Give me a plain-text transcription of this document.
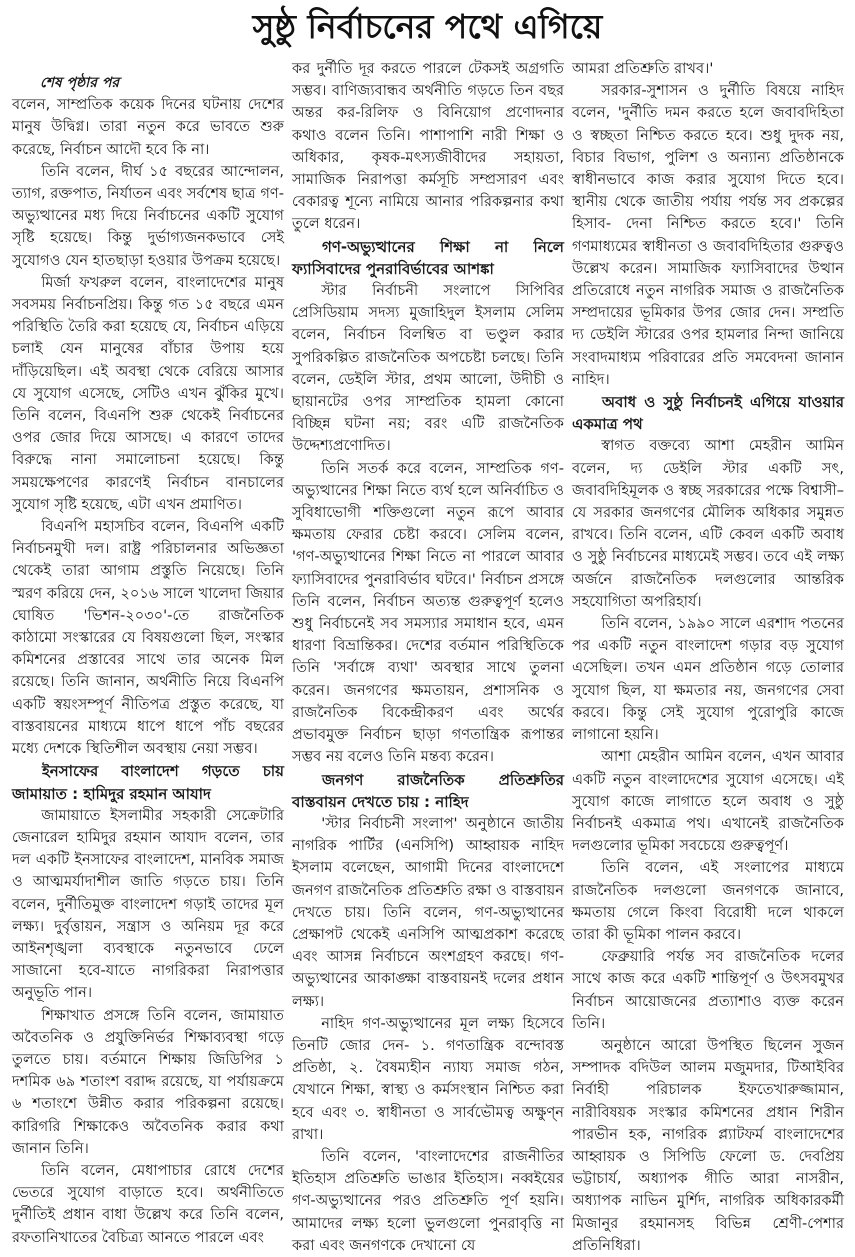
সুষ্ঠু নির্বাচনের পথে এগিয়ে

শেষ পৃষ্ঠার পর

বলেন, সাম্প্রতিক কয়েক দিনের ঘটনায় দেশের মানুষ উদ্বিগ্ন। তারা নতুন করে ভাবতে শুরু করেছে, নির্বাচন আদৌ হবে কি না।

তিনি বলেন, দীর্ঘ ১৫ বছরের আন্দোলন, ত্যাগ, রক্তপাত, নির্যাতন এবং সর্বশেষ ছাত্র গণ-অভ্যুত্থানের মধ্য দিয়ে নির্বাচনের একটি সুযোগ সৃষ্টি হয়েছে। কিন্তু দুর্ভাগ্যজনকভাবে সেই সুযোগও যেন হাতছাড়া হওয়ার উপক্রম হয়েছে।

মির্জা ফখরুল বলেন, বাংলাদেশের মানুষ সবসময় নির্বাচনপ্রিয়। কিন্তু গত ১৫ বছরে এমন পরিস্থিতি তৈরি করা হয়েছে যে, নির্বাচন এড়িয়ে চলাই যেন মানুষের বাঁচার উপায় হয়ে দাঁড়িয়েছিল। এই অবস্থা থেকে বেরিয়ে আসার যে সুযোগ এসেছে, সেটিও এখন ঝুঁকির মুখে। তিনি বলেন, বিএনপি শুরু থেকেই নির্বাচনের ওপর জোর দিয়ে আসছে। এ কারণে তাদের বিরুদ্ধে নানা সমালোচনা হয়েছে। কিন্তু সময়ক্ষেপণের কারণেই নির্বাচন বানচালের সুযোগ সৃষ্টি হয়েছে, এটা এখন প্রমাণিত।

বিএনপি মহাসচিব বলেন, বিএনপি একটি নির্বাচনমুখী দল। রাষ্ট্র পরিচালনার অভিজ্ঞতা থেকেই তারা আগাম প্রস্তুতি নিয়েছে। তিনি স্মরণ করিয়ে দেন, ২০১৬ সালে খালেদা জিয়ার ঘোষিত 'ভিশন-২০৩০'-তে রাজনৈতিক কাঠামো সংস্কারের যে বিষয়গুলো ছিল, সংস্কার কমিশনের প্রস্তাবের সাথে তার অনেক মিল রয়েছে। তিনি জানান, অর্থনীতি নিয়ে বিএনপি একটি স্বয়ংসম্পূর্ণ নীতিপত্র প্রস্তুত করেছে, যা বাস্তবায়নের মাধ্যমে ধাপে ধাপে পাঁচ বছরের মধ্যে দেশকে স্থিতিশীল অবস্থায় নেয়া সম্ভব।

ইনসাফের বাংলাদেশ গড়তে চায় জামায়াত : হামিদুর রহমান আযাদ

জামায়াতে ইসলামীর সহকারী সেক্রেটারি জেনারেল হামিদুর রহমান আযাদ বলেন, তার দল একটি ইনসাফের বাংলাদেশ, মানবিক সমাজ ও আত্মমর্যাদাশীল জাতি গড়তে চায়। তিনি বলেন, দুর্নীতিমুক্ত বাংলাদেশ গড়াই তাদের মূল লক্ষ্য। দুর্বৃত্তায়ন, সন্ত্রাস ও অনিয়ম দূর করে আইনশৃঙ্খলা ব্যবস্থাকে নতুনভাবে ঢেলে সাজানো হবে-যাতে নাগরিকরা নিরাপত্তার অনুভূতি পান।

শিক্ষাখাত প্রসঙ্গে তিনি বলেন, জামায়াত অবৈতনিক ও প্রযুক্তিনির্ভর শিক্ষাব্যবস্থা গড়ে তুলতে চায়। বর্তমানে শিক্ষায় জিডিপির ১ দশমিক ৬৯ শতাংশ বরাদ্দ রয়েছে, যা পর্যায়ক্রমে ৬ শতাংশে উন্নীত করার পরিকল্পনা রয়েছে। কারিগরি শিক্ষাকেও অবৈতনিক করার কথা জানান তিনি।

তিনি বলেন, মেধাপাচার রোধে দেশের ভেতরে সুযোগ বাড়াতে হবে। অর্থনীতিতে দুর্নীতিই প্রধান বাধা উল্লেখ করে তিনি বলেন, রফতানিখাতের বৈচিত্র্য আনতে পারলে এবং

কর দুর্নীতি দূর করতে পারলে টেকসই অগ্রগতি সম্ভব। বাণিজ্যবান্ধব অর্থনীতি গড়তে তিন বছর অন্তর কর-রিলিফ ও বিনিয়োগ প্রণোদনার কথাও বলেন তিনি। পাশাপাশি নারী শিক্ষা ও অধিকার, কৃষক-মৎস্যজীবীদের সহায়তা, সামাজিক নিরাপত্তা কর্মসূচি সম্প্রসারণ এবং বেকারত্ব শূন্যে নামিয়ে আনার পরিকল্পনার কথা তুলে ধরেন।

গণ-অভ্যুত্থানের শিক্ষা না নিলে ফ্যাসিবাদের পুনরাবির্ভাবের আশঙ্কা

স্টার নির্বাচনী সংলাপে সিপিবির প্রেসিডিয়াম সদস্য মুজাহিদুল ইসলাম সেলিম বলেন, নির্বাচন বিলম্বিত বা ভণ্ডুল করার সুপরিকল্পিত রাজনৈতিক অপচেষ্টা চলছে। তিনি বলেন, ডেইলি স্টার, প্রথম আলো, উদীচী ও ছায়ানটের ওপর সাম্প্রতিক হামলা কোনো বিচ্ছিন্ন ঘটনা নয়; বরং এটি রাজনৈতিক উদ্দেশ্যপ্রণোদিত।

তিনি সতর্ক করে বলেন, সাম্প্রতিক গণ-অভ্যুত্থানের শিক্ষা নিতে ব্যর্থ হলে অনির্বাচিত ও সুবিধাভোগী শক্তিগুলো নতুন রূপে আবার ক্ষমতায় ফেরার চেষ্টা করবে। সেলিম বলেন, 'গণ-অভ্যুত্থানের শিক্ষা নিতে না পারলে আবার ফ্যাসিবাদের পুনরাবির্ভাব ঘটবে।' নির্বাচন প্রসঙ্গে তিনি বলেন, নির্বাচন অত্যন্ত গুরুত্বপূর্ণ হলেও শুধু নির্বাচনেই সব সমস্যার সমাধান হবে, এমন ধারণা বিভ্রান্তিকর। দেশের বর্তমান পরিস্থিতিকে তিনি 'সর্বাঙ্গে ব্যথা' অবস্থার সাথে তুলনা করেন। জনগণের ক্ষমতায়ন, প্রশাসনিক ও রাজনৈতিক বিকেন্দ্রীকরণ এবং অর্থের প্রভাবমুক্ত নির্বাচন ছাড়া গণতান্ত্রিক রূপান্তর সম্ভব নয় বলেও তিনি মন্তব্য করেন।

জনগণ রাজনৈতিক প্রতিশ্রুতির বাস্তবায়ন দেখতে চায় : নাহিদ

'স্টার নির্বাচনী সংলাপ' অনুষ্ঠানে জাতীয় নাগরিক পার্টির (এনসিপি) আহ্বায়ক নাহিদ ইসলাম বলেছেন, আগামী দিনের বাংলাদেশে জনগণ রাজনৈতিক প্রতিশ্রুতি রক্ষা ও বাস্তবায়ন দেখতে চায়। তিনি বলেন, গণ-অভ্যুত্থানের প্রেক্ষাপট থেকেই এনসিপি আত্মপ্রকাশ করেছে এবং আসন্ন নির্বাচনে অংশগ্রহণ করছে। গণ-অভ্যুত্থানের আকাঙ্ক্ষা বাস্তবায়নই দলের প্রধান লক্ষ্য।

নাহিদ গণ-অভ্যুত্থানের মূল লক্ষ্য হিসেবে তিনটি জোর দেন- ১. গণতান্ত্রিক বন্দোবস্ত প্রতিষ্ঠা, ২. বৈষম্যহীন ন্যায্য সমাজ গঠন, যেখানে শিক্ষা, স্বাস্থ্য ও কর্মসংস্থান নিশ্চিত করা হবে এবং ৩. স্বাধীনতা ও সার্বভৌমত্ব অক্ষুণ্ন রাখা।

তিনি বলেন, 'বাংলাদেশের রাজনীতির ইতিহাস প্রতিশ্রুতি ভাঙার ইতিহাস। নব্বইয়ের গণ-অভ্যুত্থানের পরও প্রতিশ্রুতি পূর্ণ হয়নি। আমাদের লক্ষ্য হলো ভুলগুলো পুনরাবৃত্তি না করা এবং জনগণকে দেখানো যে

আমরা প্রতিশ্রুতি রাখব।'

সরকার-সুশাসন ও দুর্নীতি বিষয়ে নাহিদ বলেন, 'দুর্নীতি দমন করতে হলে জবাবদিহিতা ও স্বচ্ছতা নিশ্চিত করতে হবে। শুধু দুদক নয়, বিচার বিভাগ, পুলিশ ও অন্যান্য প্রতিষ্ঠানকে স্বাধীনভাবে কাজ করার সুযোগ দিতে হবে। স্থানীয় থেকে জাতীয় পর্যায় পর্যন্ত সব প্রকল্পের হিসাব- দেনা নিশ্চিত করতে হবে।' তিনি গণমাধ্যমের স্বাধীনতা ও জবাবদিহিতার গুরুত্বও উল্লেখ করেন। সামাজিক ফ্যাসিবাদের উত্থান প্রতিরোধে নতুন নাগরিক সমাজ ও রাজনৈতিক সম্প্রদায়ের ভূমিকার উপর জোর দেন। সম্প্রতি দ্য ডেইলি স্টারের ওপর হামলার নিন্দা জানিয়ে সংবাদমাধ্যম পরিবারের প্রতি সমবেদনা জানান নাহিদ।

অবাধ ও সুষ্ঠু নির্বাচনই এগিয়ে যাওয়ার একমাত্র পথ

স্বাগত বক্তব্যে আশা মেহরীন আমিন বলেন, দ্য ডেইলি স্টার একটি সৎ, জবাবদিহিমূলক ও স্বচ্ছ সরকারের পক্ষে বিশ্বাসী– যে সরকার জনগণের মৌলিক অধিকার সমুন্নত রাখবে। তিনি বলেন, এটি কেবল একটি অবাধ ও সুষ্ঠু নির্বাচনের মাধ্যমেই সম্ভব। তবে এই লক্ষ্য অর্জনে রাজনৈতিক দলগুলোর আন্তরিক সহযোগিতা অপরিহার্য।

তিনি বলেন, ১৯৯০ সালে এরশাদ পতনের পর একটি নতুন বাংলাদেশ গড়ার বড় সুযোগ এসেছিল। তখন এমন প্রতিষ্ঠান গড়ে তোলার সুযোগ ছিল, যা ক্ষমতার নয়, জনগণের সেবা করবে। কিন্তু সেই সুযোগ পুরোপুরি কাজে লাগানো হয়নি।

আশা মেহরীন আমিন বলেন, এখন আবার একটি নতুন বাংলাদেশের সুযোগ এসেছে। এই সুযোগ কাজে লাগাতে হলে অবাধ ও সুষ্ঠু নির্বাচনই একমাত্র পথ। এখানেই রাজনৈতিক দলগুলোর ভূমিকা সবচেয়ে গুরুত্বপূর্ণ।

তিনি বলেন, এই সংলাপের মাধ্যমে রাজনৈতিক দলগুলো জনগণকে জানাবে, ক্ষমতায় গেলে কিংবা বিরোধী দলে থাকলে তারা কী ভূমিকা পালন করবে।

ফেব্রুয়ারি পর্যন্ত সব রাজনৈতিক দলের সাথে কাজ করে একটি শান্তিপূর্ণ ও উৎসবমুখর নির্বাচন আয়োজনের প্রত্যাশাও ব্যক্ত করেন তিনি।

অনুষ্ঠানে আরো উপস্থিত ছিলেন সুজন সম্পাদক বদিউল আলম মজুমদার, টিআইবির নির্বাহী পরিচালক ইফতেখারুজ্জামান, নারীবিষয়ক সংস্কার কমিশনের প্রধান শিরীন পারভীন হক, নাগরিক প্ল্যাটফর্ম বাংলাদেশের আহ্বায়ক ও সিপিডি ফেলো ড. দেবপ্রিয় ভট্টাচার্য, অধ্যাপক গীতি আরা নাসরীন, অধ্যাপক নাভিন মুর্শিদ, নাগরিক অধিকারকর্মী মিজানুর রহমানসহ বিভিন্ন শ্রেণী-পেশার প্রতিনিধিরা।
